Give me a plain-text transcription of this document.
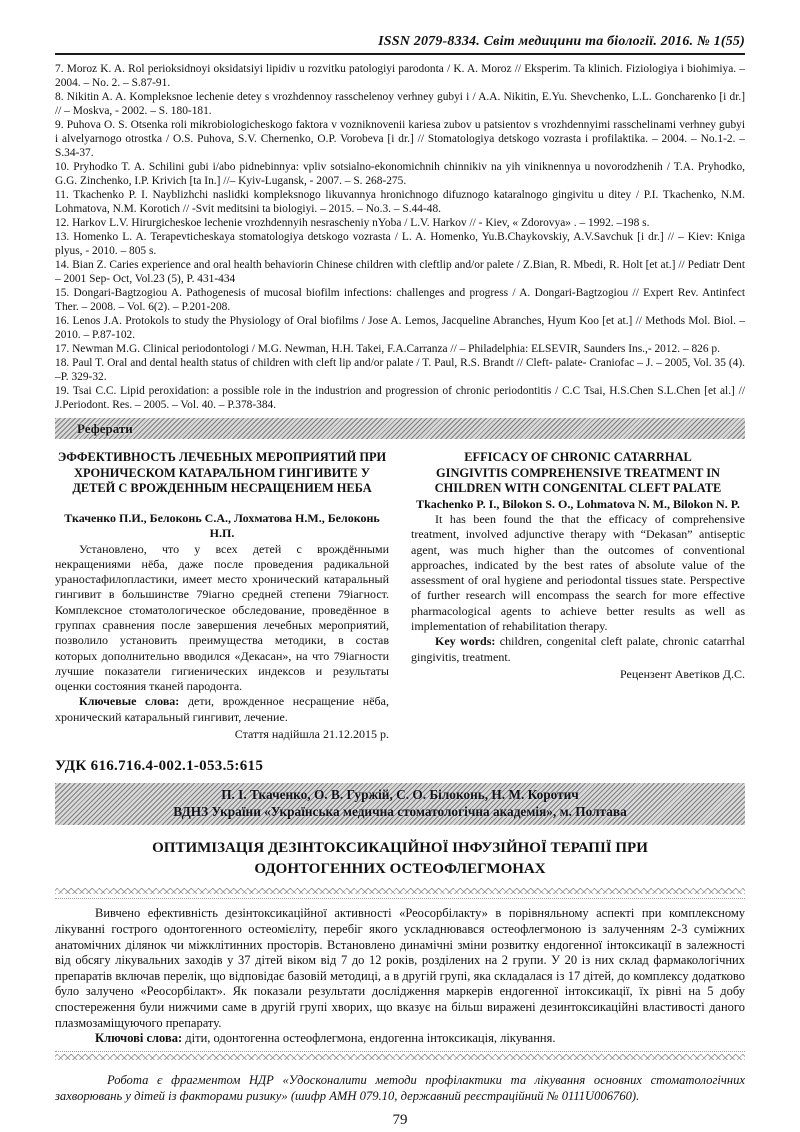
ISSN 2079-8334. Світ медицини та біології. 2016. № 1(55)
7. Moroz K. A. Rol perioksidnoyi oksidatsiyi lipidiv u rozvitku patologiyi parodonta / K. A. Moroz // Eksperim. Ta klinich. Fiziologiya i biohimiya. – 2004. – No. 2. – S.87-91.
8. Nikitin A. A. Kompleksnoe lechenie detey s vrozhdennoy rasschelenoy verhney gubyi i / A.A. Nikitin, E.Yu. Shevchenko, L.L. Goncharenko [i dr.] // – Moskva, - 2002. – S. 180-181.
9. Puhova O. S. Otsenka roli mikrobiologicheskogo faktora v vozniknovenii kariesa zubov u patsientov s vrozhdennyimi rasschelinami verhney gubyi i alvelyarnogo otrostka / O.S. Puhova, S.V. Chernenko, O.P. Vorobeva [i dr.] // Stomatologiya detskogo vozrasta i profilaktika. – 2004. – No.1-2. – S.34-37.
10. Pryhodko T. A. Schilini gubi i/abo pidnebinnya: vpliv sotsialno-ekonomichnih chinnikiv na yih viniknennya u novorodzhenih / T.A. Pryhodko, G.G. Zinchenko, I.P. Krivich [ta In.] //– Kyiv-Lugansk, - 2007. – S. 268-275.
11. Tkachenko P. I. Nayblizhchi naslidki kompleksnogo likuvannya hronichnogo difuznogo kataralnogo gingivitu u ditey / P.I. Tkachenko, N.M. Lohmatova, N.M. Korotich // -Svit meditsini ta biologiyi. – 2015. – No.3. – S.44-48.
12. Harkov L.V. Hirurgicheskoe lechenie vrozhdennyih nesrascheniy nYoba / L.V. Harkov // - Kiev, « Zdorovya» . – 1992. –198 s.
13. Homenko L. A. Terapevticheskaya stomatologiya detskogo vozrasta / L. A. Homenko, Yu.B.Chaykovskiy, A.V.Savchuk [i dr.] // – Kiev: Kniga plyus, - 2010. – 805 s.
14. Bian Z. Caries experience and oral health behaviorin Chinese children with cleftlip and/or palete / Z.Bian, R. Mbedi, R. Holt [et at.] // Pediatr Dent – 2001 Sep- Oct, Vol.23 (5), P. 431-434
15. Dongari-Bagtzogiou A. Pathogenesis of mucosal biofilm infections: challenges and progress / A. Dongari-Bagtzogiou // Expert Rev. Antinfect Ther. – 2008. – Vol. 6(2). – P.201-208.
16. Lenos J.A. Protokols to study the Physiology of Oral biofilms / Jose A. Lemos, Jacqueline Abranches, Hyum Koo [et at.] // Methods Mol. Biol. – 2010. – P.87-102.
17. Newman M.G. Clinical periodontologi / M.G. Newman, H.H. Takei, F.A.Carranza // – Philadelphia: ELSEVIR, Saunders Ins.,- 2012. – 826 p.
18. Paul T. Oral and dental health status of children with cleft lip and/or palate / T. Paul, R.S. Brandt // Cleft- palate- Craniofac – J. – 2005, Vol. 35 (4). –P. 329-32.
19. Tsai C.C. Lipid peroxidation: a possible role in the industrion and progression of chronic periodontitis / C.C Tsai, H.S.Chen S.L.Chen [et al.] // J.Periodont. Res. – 2005. – Vol. 40. – P.378-384.
Реферати
ЭФФЕКТИВНОСТЬ ЛЕЧЕБНЫХ МЕРОПРИЯТИЙ ПРИ ХРОНИЧЕСКОМ КАТАРАЛЬНОМ ГИНГИВИТЕ У ДЕТЕЙ С ВРОЖДЕННЫМ НЕСРАЩЕНИЕМ НЕБА
Ткаченко П.И., Белоконь С.А., Лохматова Н.М., Белоконь Н.П.

Установлено, что у всех детей с врождёнными некращениями нёба, даже после проведения радикальной ураностафилопластики, имеет место хронический катаральный гингивит в большинстве 79iагно средней степени 79iагност. Комплексное стоматологическое обследование, проведённое в группах сравнения после завершения лечебных мероприятий, позволило установить преимущества методики, в состав которых дополнительно вводился «Декасан», на что 79iагности лучшие показатели гигиенических индексов и результаты оценки состояния тканей пародонта.

Ключевые слова: дети, врожденное несращение нёба, хронический катаральный гингивит, лечение.

Стаття надійшла 21.12.2015 р.
EFFICACY OF CHRONIC CATARRHAL GINGIVITIS COMPREHENSIVE TREATMENT IN CHILDREN WITH CONGENITAL CLEFT PALATE
Tkachenko P. I., Bilokon S. O., Lohmatova N. M., Bilokon N. P.

It has been found the that the efficacy of comprehensive treatment, involved adjunctive therapy with “Dekasan” antiseptic agent, was much higher than the outcomes of conventional approaches, indicated by the best rates of absolute value of the assessment of oral hygiene and periodontal tissues state. Perspective of further research will encompass the search for more effective pharmacological agents to achieve better results as well as implementation of rehabilitation therapy.

Key words: children, congenital cleft palate, chronic catarrhal gingivitis, treatment.

Рецензент Аветіков Д.С.
УДК 616.716.4-002.1-053.5:615
П. І. Ткаченко, О. В. Гуржій, С. О. Білоконь, Н. М. Коротич
ВДНЗ України «Українська медична стоматологічна академія», м. Полтава
ОПТИМІЗАЦІЯ ДЕЗІНТОКСИКАЦІЙНОЇ ІНФУЗІЙНОЇ ТЕРАПІЇ ПРИ ОДОНТОГЕННИХ ОСТЕОФЛЕГМОНАХ

Вивчено ефективність дезінтоксикаційної активності «Реосорбілакту» в порівняльному аспекті при комплексному лікуванні гострого одонтогенного остеомієліту, перебіг якого ускладнювався остеофлегмоною із залученням 2-3 суміжних анатомічних ділянок чи міжклітинних просторів. Встановлено динамічні зміни розвитку ендогенної інтоксикації в залежності від обсягу лікувальних заходів у 37 дітей віком від 7 до 12 років, розділених на 2 групи. У 20 із них склад фармакологічних препаратів включав перелік, що відповідає базовій методиці, а в другій групі, яка складалася із 17 дітей, до комплексу додатково було залучено «Реосорбілакт». Як показали результати дослідження маркерів ендогенної інтоксикації, їх рівні на 5 добу спостереження були нижчими саме в другій групі хворих, що вказує на більш виражені дезинтоксикаційні властивості даного плазмозаміщуючого препарату.

Ключові слова: діти, одонтогенна остеофлегмона, ендогенна інтоксикація, лікування.

Робота є фрагментом НДР «Удосконалити методи профілактики та лікування основних стоматологічних захворювань у дітей із факторами ризику» (шифр АМН 079.10, державний реєстраційний № 0111U006760).

79
